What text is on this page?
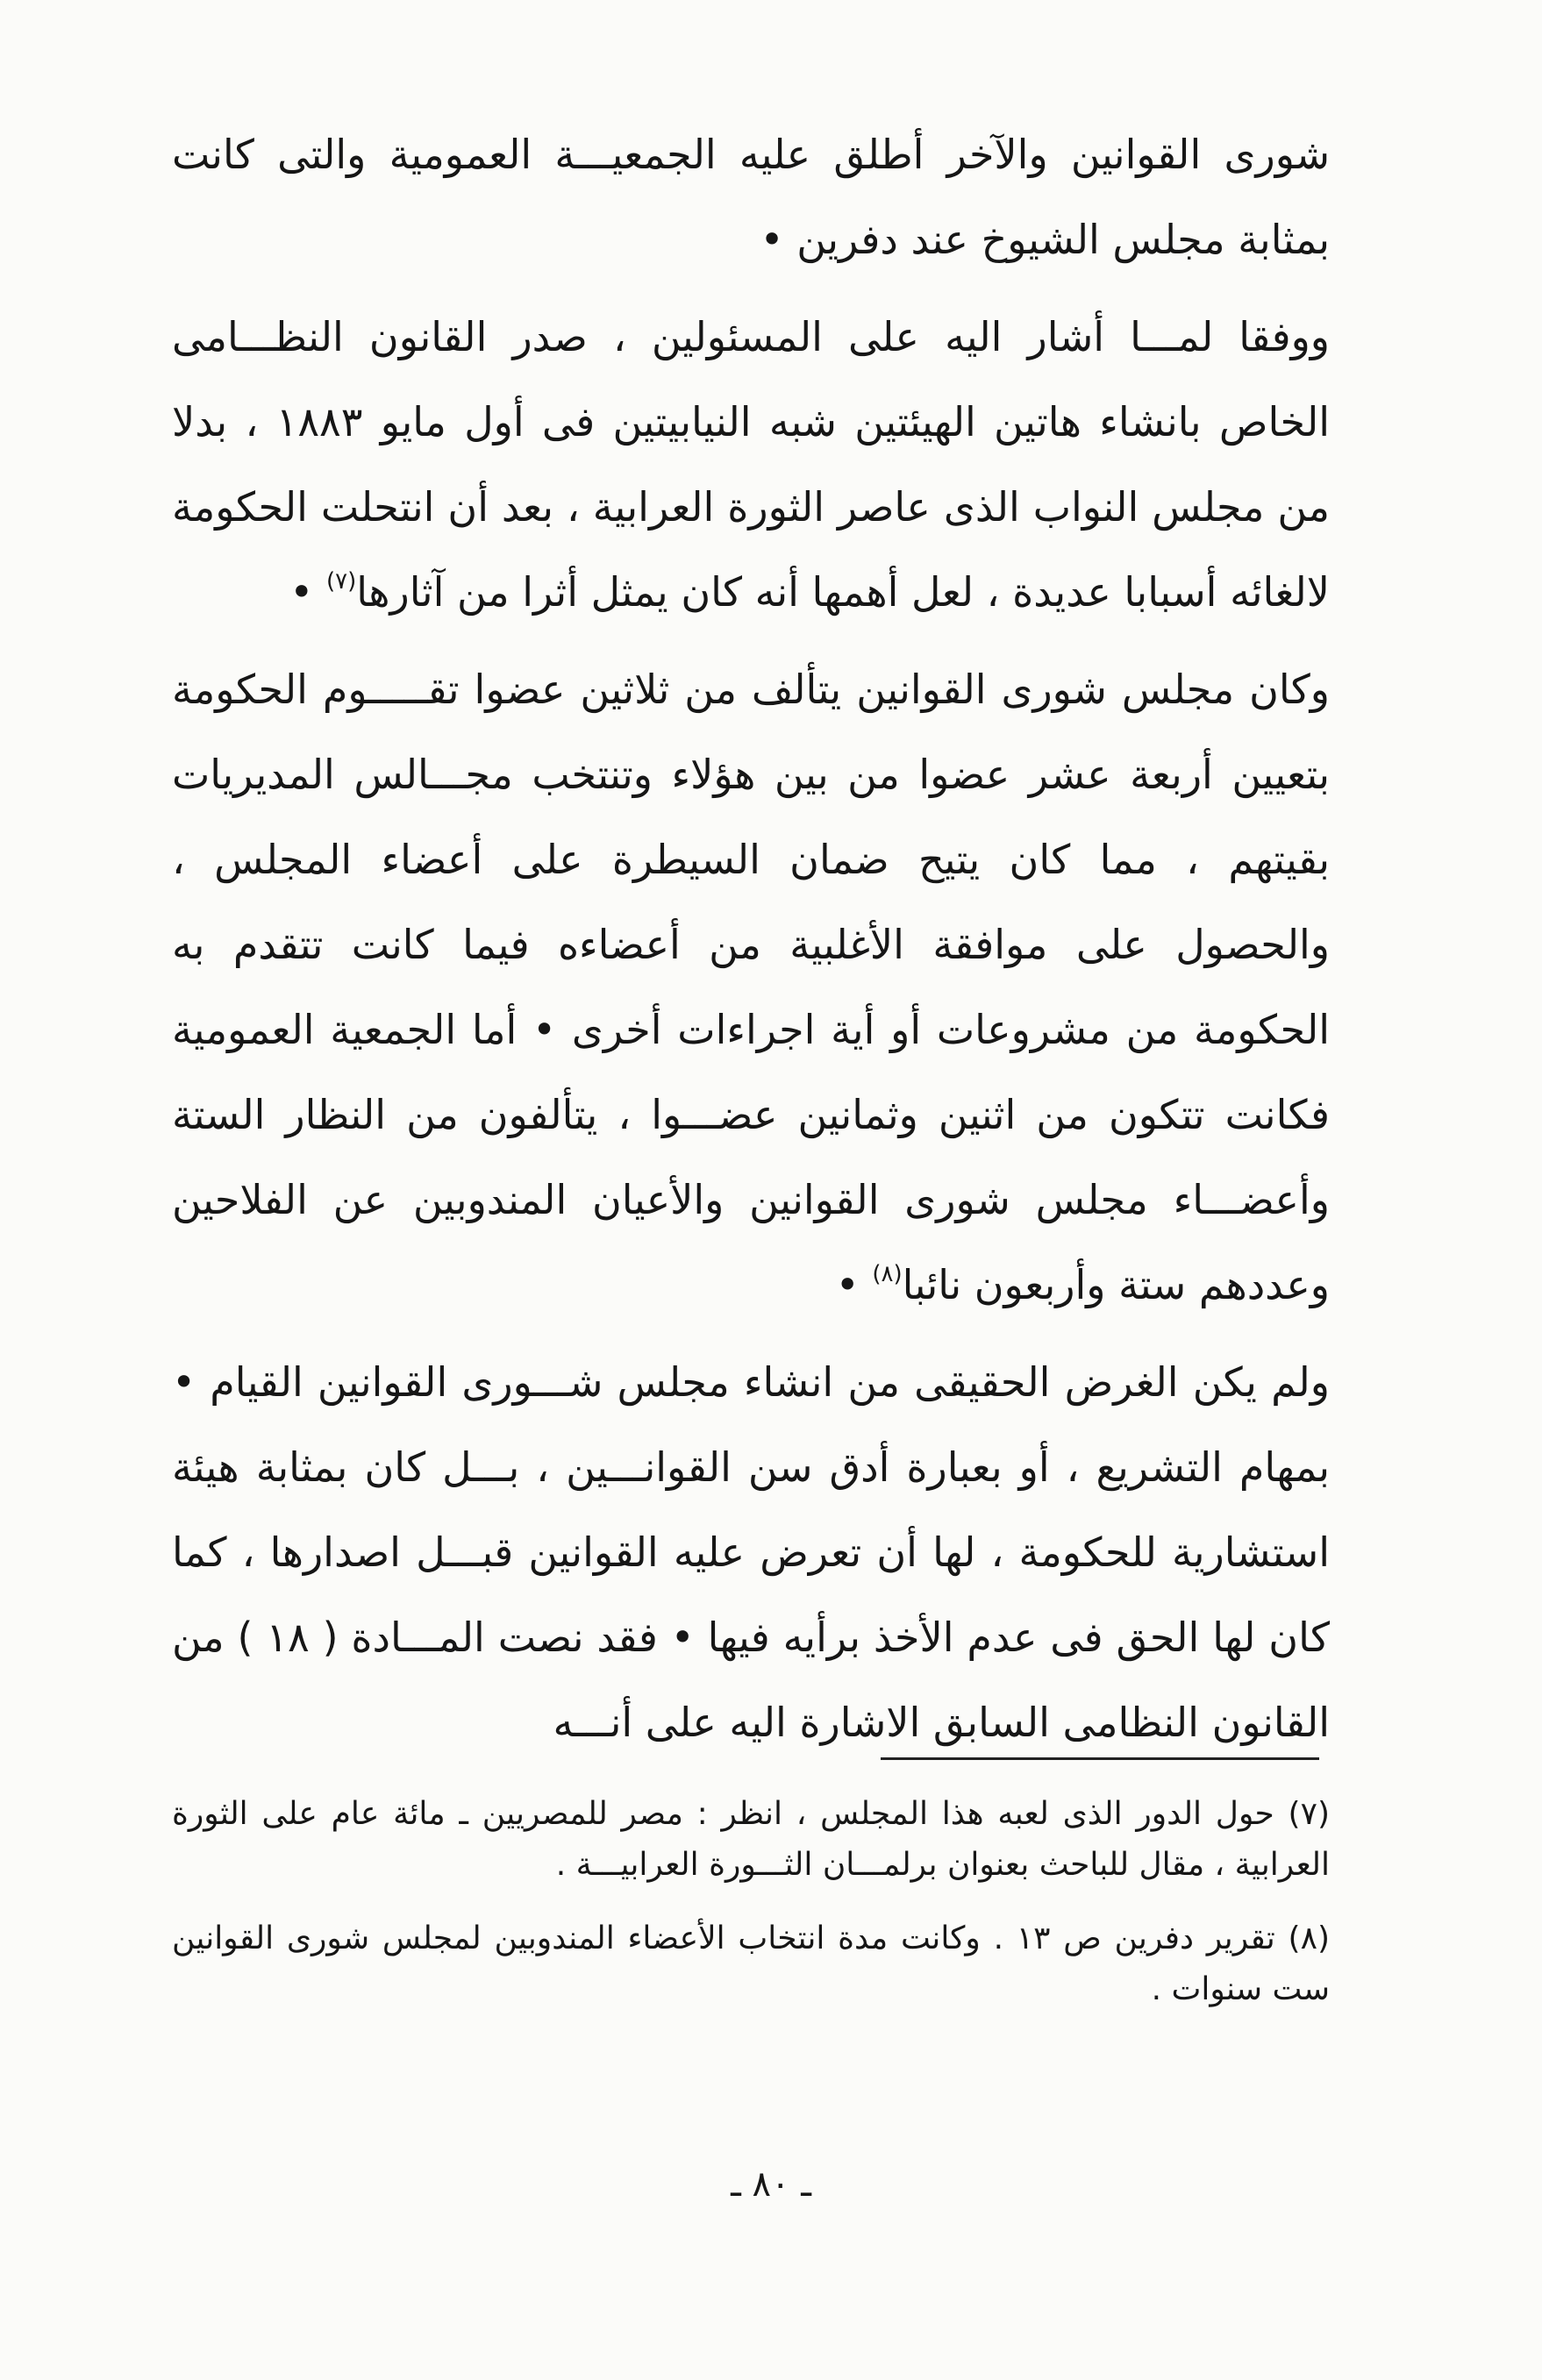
شورى القوانين والآخر أطلق عليه الجمعيـــة العمومية والتى كانت بمثابة مجلس الشيوخ عند دفرين •

ووفقا لمـــا أشار اليه على المسئولين ، صدر القانون النظـــامى الخاص بانشاء هاتين الهيئتين شبه النيابيتين فى أول مايو ١٨٨٣ ، بدلا من مجلس النواب الذى عاصر الثورة العرابية ، بعد أن انتحلت الحكومة لالغائه أسبابا عديدة ، لعل أهمها أنه كان يمثل أثرا من آثارها$^{(٧)}$ •

وكان مجلس شورى القوانين يتألف من ثلاثين عضوا تقـــــوم الحكومة بتعيين أربعة عشر عضوا من بين هؤلاء وتنتخب مجـــالس المديريات بقيتهم ، مما كان يتيح ضمان السيطرة على أعضاء المجلس ، والحصول على موافقة الأغلبية من أعضاءه فيما كانت تتقدم به الحكومة من مشروعات أو أية اجراءات أخرى • أما الجمعية العمومية فكانت تتكون من اثنين وثمانين عضـــوا ، يتألفون من النظار الستة وأعضـــاء مجلس شورى القوانين والأعيان المندوبين عن الفلاحين وعددهم ستة وأربعون نائبا$^{(٨)}$ •

ولم يكن الغرض الحقيقى من انشاء مجلس شـــورى القوانين القيام • بمهام التشريع ، أو بعبارة أدق سن القوانـــين ، بـــل كان بمثابة هيئة استشارية للحكومة ، لها أن تعرض عليه القوانين قبـــل اصدارها ، كما كان لها الحق فى عدم الأخذ برأيه فيها • فقد نصت المـــادة ( ١٨ ) من القانون النظامى السابق الاشارة اليه على أنـــه

(٧) حول الدور الذى لعبه هذا المجلس ، انظر : مصر للمصريين ـ مائة عام على الثورة العرابية ، مقال للباحث بعنوان برلمـــان الثـــورة العرابيـــة .

(٨) تقرير دفرين ص ١٣ . وكانت مدة انتخاب الأعضاء المندوبين لمجلس شورى القوانين ست سنوات .

ـ ٨٠ ـ
